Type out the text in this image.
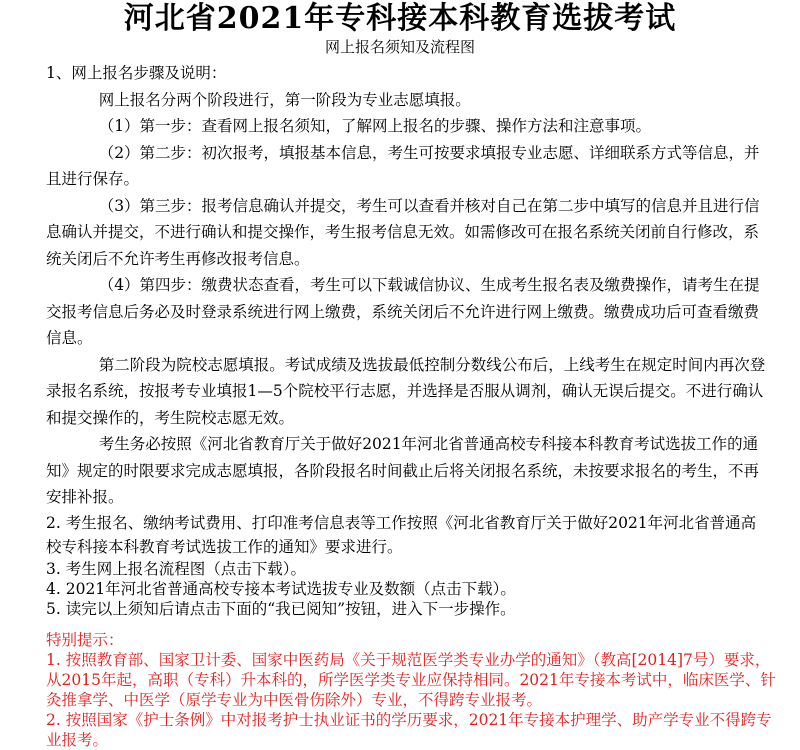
河北省2021年专科接本科教育选拔考试
网上报名须知及流程图

1、网上报名步骤及说明：

网上报名分两个阶段进行，第一阶段为专业志愿填报。

（1）第一步：查看网上报名须知，了解网上报名的步骤、操作方法和注意事项。

（2）第二步：初次报考，填报基本信息，考生可按要求填报专业志愿、详细联系方式等信息，并且进行保存。

（3）第三步：报考信息确认并提交，考生可以查看并核对自己在第二步中填写的信息并且进行信息确认并提交，不进行确认和提交操作，考生报考信息无效。如需修改可在报名系统关闭前自行修改，系统关闭后不允许考生再修改报考信息。

（4）第四步：缴费状态查看，考生可以下载诚信协议、生成考生报名表及缴费操作，请考生在提交报考信息后务必及时登录系统进行网上缴费，系统关闭后不允许进行网上缴费。缴费成功后可查看缴费信息。

第二阶段为院校志愿填报。考试成绩及选拔最低控制分数线公布后，上线考生在规定时间内再次登录报名系统，按报考专业填报1—5个院校平行志愿，并选择是否服从调剂，确认无误后提交。不进行确认和提交操作的，考生院校志愿无效。

考生务必按照《河北省教育厅关于做好2021年河北省普通高校专科接本科教育考试选拔工作的通知》规定的时限要求完成志愿填报，各阶段报名时间截止后将关闭报名系统，未按要求报名的考生，不再安排补报。

2. 考生报名、缴纳考试费用、打印准考信息表等工作按照《河北省教育厅关于做好2021年河北省普通高校专科接本科教育考试选拔工作的通知》要求进行。

3. 考生网上报名流程图（点击下载）。

4. 2021年河北省普通高校专接本考试选拔专业及数额（点击下载）。

5. 读完以上须知后请点击下面的“我已阅知”按钮，进入下一步操作。

特别提示：

1. 按照教育部、国家卫计委、国家中医药局《关于规范医学类专业办学的通知》（教高[2014]7号）要求，从2015年起，高职（专科）升本科的，所学医学类专业应保持相同。2021年专接本考试中，临床医学、针灸推拿学、中医学（原学专业为中医骨伤除外）专业，不得跨专业报考。

2. 按照国家《护士条例》中对报考护士执业证书的学历要求，2021年专接本护理学、助产学专业不得跨专业报考。
